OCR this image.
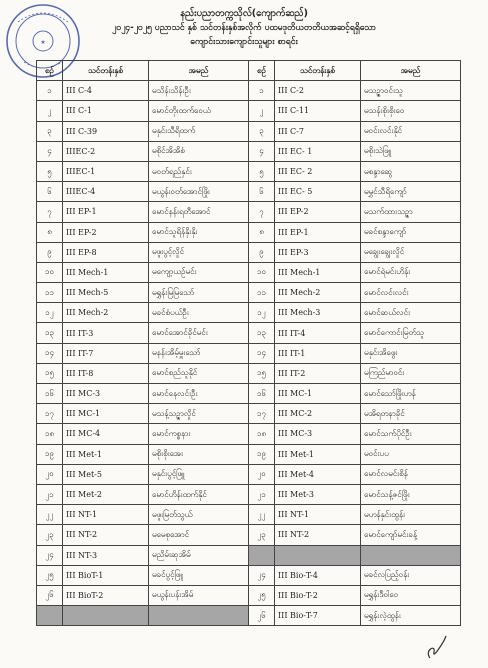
★
နည်းပညာတက္ကသိုလ်(ကျောက်ဆည်)
၂၀၂၄-၂၀၂၅ ပညာသင် နှစ် သင်တန်းနှစ်အလိုက် ပထမဒုတိယတတိယအဆင့်ရရှိသော
ကျောင်းသားကျောင်းသူများ စာရင်း
စဉ်	သင်တန်းနှစ်	အမည်	စဉ်	သင်တန်းနှစ်	အမည်
၁	III C-4	မသိန်းသိန်းဦး	၁	III C-2	မသဉ္ဇာဝင်းသူ
၂	III C-1	မောင်တိုးထက်ဝေယံ	၂	III C-11	မသန်းစိုးစိုးဝေ
၃	III C-39	မနှင်းသီရိထက်	၃	III C-7	မဝင်းလင်းနိုင်
၄	IIIEC-2	မစိုင်အိအိစံ	၄	III EC- 1	မစိုးသဲဖြူ
၅	IIIEC-1	မဝတ်ရည်နှင်း	၅	III EC- 2	မစန္ဒာဆွေ
၆	IIIEC-4	မယွန်းဝတ်အောင်ဖြိုး	၆	III EC- 5	မမွှင်သီရိကျော်
၇	III EP-1	မောင်နန်းရတီအောင်	၇	III EP-2	မသက်ထားသဉ္ဇာ
၈	III EP-2	မောင်သူရိန်နိုးနိုး	၈	III EP-1	မခင်စန္ဒာကျော်
၉	III EP-8	မဖူးပွင့်လှိုင်	၉	III EP-3	မချွေးချွေးလှိုင်
၁၀	III Mech-1	မကျော့ယဉ်မင်း	၁၀	III Mech-1	မောင်ရဲမင်းဟိန်း
၁၁	III Mech-5	မရွှန်းမြမြသော်	၁၁	III Mech-2	မောင်လင်းလင်း
၁၂	III Mech-2	မခင်စံပယ်ဦး	၁၂	III Mech-3	မောင်ဆယ်လင်း
၁၃	III IT-3	မောင်အောင်ခိုင်မင်း	၁၃	III IT-4	မောင်ကောင်းမြတ်သူ
၁၄	III IT-7	မနန်းအိမ့်မှူးသော်	၁၄	III IT-1	မနှင်းအိဖွေး
၁၅	III IT-8	မောင်စည်သူနိုင်	၁၅	III IT-2	မကြည်မာဝင်း
၁၆	III MC-3	မောင်နေလင်းဦး	၁၆	III MC-1	မောင်သော်ဖြိုးဟန်
၁၇	III MC-1	မသန့်သဉ္ဇာလှိုင်	၁၇	III MC-2	မအိရတနာခိုင်
၁၈	III MC-4	မောင်ကစ္စနား	၁၈	III MC-3	မောင်သက်ပိုင်ဦး
၁၉	III Met-1	မစိုးစိုးအေး	၁၉	III Met-1	မဝင်းပပ
၂၀	III Met-5	မနှင်းပွင့်ဖြူ	၂၀	III Met-4	မောင်လမင်းစိန်
၂၁	III Met-2	မောင်ဟိန်းထက်နိုင်	၂၁	III Met-3	မောင်သန့်ဇင်ဖြိုး
၂၂	III NT-1	မဖူးမြတ်သွယ်	၂၂	III NT-1	မဟန်နှင်းထွန်း
၂၃	III NT-2	မမေစုအောင်	၂၃	III NT-2	မောင်ကျော်မင်းခန့်
၂၄	III NT-3	မညိမ်းဆုအိမ်			
၂၅	III BioT-1	မခင်ပွင့်ဖြူ	၂၄	III Bio-T-4	မခင်လပြည့်ဝန်း
၂၆	III BioT-2	မယွန်းပန်းအိမ်	၂၅	III Bio-T-2	မရွှန်းဒီဝါဝေ
			၂၆	III Bio-T-7	မရွှန်းလဲ့ထွန်း
